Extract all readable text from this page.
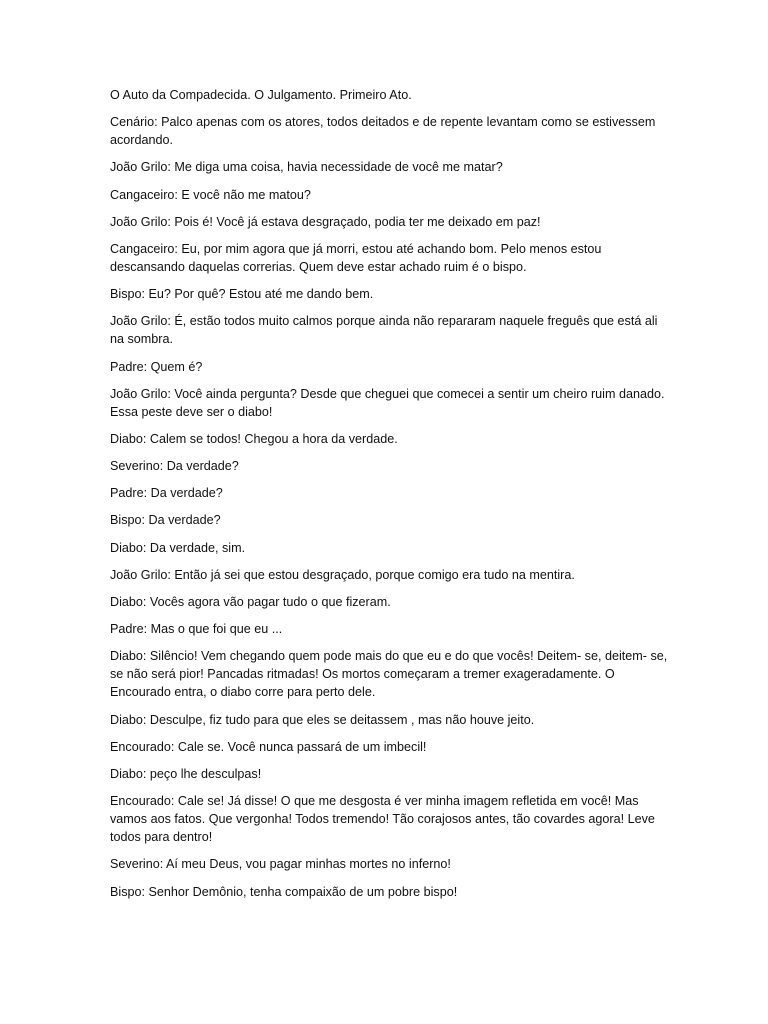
O Auto da Compadecida. O Julgamento. Primeiro Ato.

Cenário: Palco apenas com os atores, todos deitados e de repente levantam como se estivessem acordando.

João Grilo: Me diga uma coisa, havia necessidade de você me matar?

Cangaceiro: E você não me matou?

João Grilo: Pois é! Você já estava desgraçado, podia ter me deixado em paz!

Cangaceiro: Eu, por mim agora que já morri, estou até achando bom. Pelo menos estou descansando daquelas correrias. Quem deve estar achado ruim é o bispo.

Bispo: Eu? Por quê? Estou até me dando bem.

João Grilo: É, estão todos muito calmos porque ainda não repararam naquele freguês que está ali na sombra.

Padre: Quem é?

João Grilo: Você ainda pergunta? Desde que cheguei que comecei a sentir um cheiro ruim danado. Essa peste deve ser o diabo!

Diabo: Calem se todos! Chegou a hora da verdade.

Severino: Da verdade?

Padre: Da verdade?

Bispo: Da verdade?

Diabo: Da verdade, sim.

João Grilo: Então já sei que estou desgraçado, porque comigo era tudo na mentira.

Diabo: Vocês agora vão pagar tudo o que fizeram.

Padre: Mas o que foi que eu ...

Diabo: Silêncio! Vem chegando quem pode mais do que eu e do que vocês! Deitem- se, deitem- se, se não será pior! Pancadas ritmadas! Os mortos começaram a tremer exageradamente. O Encourado entra, o diabo corre para perto dele.

Diabo: Desculpe, fiz tudo para que eles se deitassem , mas não houve jeito.

Encourado: Cale se. Você nunca passará de um imbecil!

Diabo: peço lhe desculpas!

Encourado: Cale se! Já disse! O que me desgosta é ver minha imagem refletida em você! Mas vamos aos fatos. Que vergonha! Todos tremendo! Tão corajosos antes, tão covardes agora! Leve todos para dentro!

Severino: Aí meu Deus, vou pagar minhas mortes no inferno!

Bispo: Senhor Demônio, tenha compaixão de um pobre bispo!
